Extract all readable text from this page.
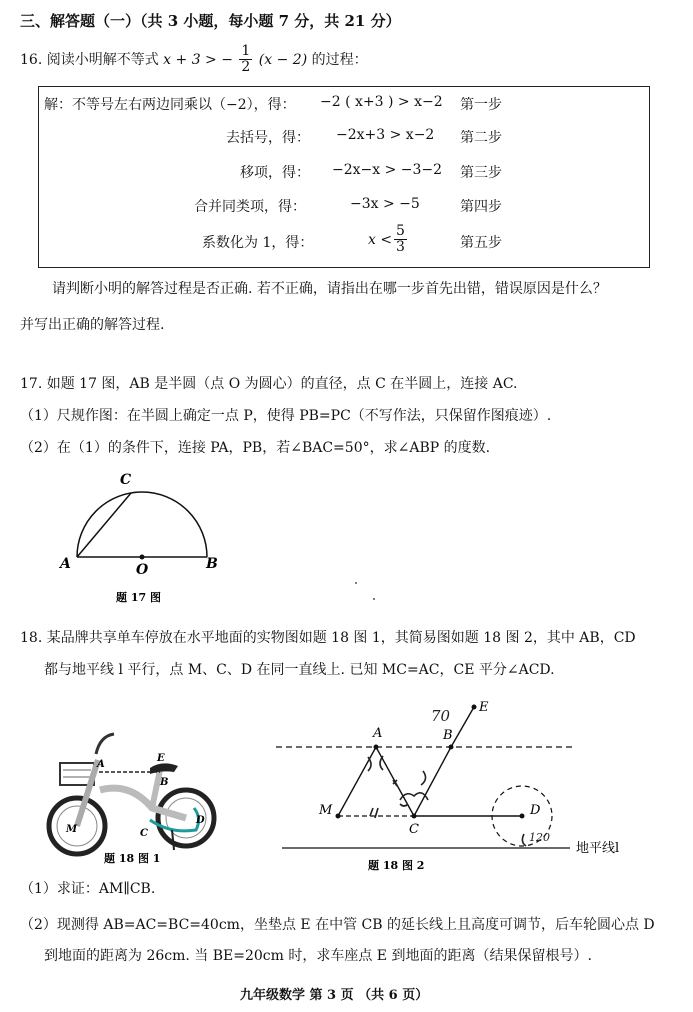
三、解答题（一）（共 3 小题，每小题 7 分，共 21 分）
16. 阅读小明解不等式 x + 3 > − $\frac{1}{2} (x - 2)$ 的过程：
解：不等号左右两边同乘以（−2），得： −2 ( x+3 ) > x−2 第一步
去括号，得： −2x+3 > x−2 第二步
移项，得： −2x−x > −3−2 第三步
合并同类项，得：	−3x > −5	第四步
系数化为 1，得：	$x < \frac{5}{3}$	第五步
请判断小明的解答过程是否正确. 若不正确，请指出在哪一步首先出错，错误原因是什么？
并写出正确的解答过程.
17. 如题 17 图，AB 是半圆（点 O 为圆心）的直径，点 C 在半圆上，连接 AC.
（1）尺规作图：在半圆上确定一点 P，使得 PB=PC（不写作法，只保留作图痕迹）.
（2）在（1）的条件下，连接 PA，PB，若∠BAC=50°，求∠ABP 的度数.
C
A	B
O
题 17 图
18. 某品牌共享单车停放在水平地面的实物图如题 18 图 1，其简易图如题 18 图 2，其中 AB，CD
都与地平线 l 平行，点 M、C、D 在同一直线上. 已知 MC=AC，CE 平分∠ACD.
E
B
A
M	C
D
题 18 图 1
70
120
A	B
E
M
C
D
地平线l
题 18 图 2
（1）求证：AM∥CB.
（2）现测得 AB=AC=BC=40cm，坐垫点 E 在中管 CB 的延长线上且高度可调节，后车轮圆心点 D
到地面的距离为 26cm. 当 BE=20cm 时，求车座点 E 到地面的距离（结果保留根号）.
九年级数学 第 3 页 （共 6 页）
